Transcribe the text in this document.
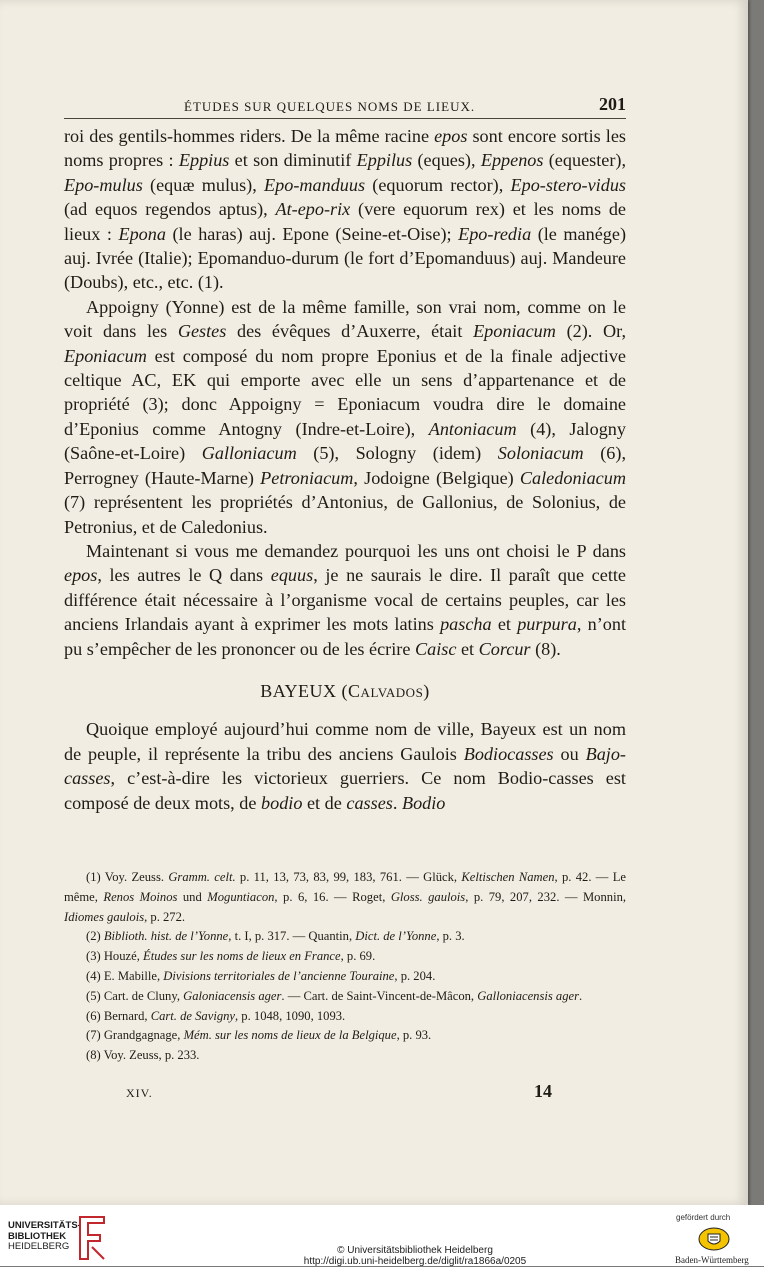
ÉTUDES SUR QUELQUES NOMS DE LIEUX.	201

roi des gentils-hommes riders. De la même racine epos sont encore sortis les noms propres : Eppius et son diminutif Eppilus (eques), Eppenos (equester), Epo-mulus (equæ mulus), Epo-manduus (equorum rector), Epo-stero-vidus (ad equos regendos aptus), At-epo-rix (vere equorum rex) et les noms de lieux : Epona (le haras) auj. Epone (Seine-et-Oise); Epo-redia (le manége) auj. Ivrée (Italie); Epomanduo-durum (le fort d’Epomanduus) auj. Mandeure (Doubs), etc., etc. (1).

Appoigny (Yonne) est de la même famille, son vrai nom, comme on le voit dans les Gestes des évêques d’Auxerre, était Eponiacum (2). Or, Eponiacum est composé du nom propre Eponius et de la finale adjective celtique AC, EK qui emporte avec elle un sens d’appartenance et de propriété (3); donc Appoigny = Eponiacum voudra dire le domaine d’Eponius comme Antogny (Indre-et-Loire), Antoniacum (4), Jalogny (Saône-et-Loire) Galloniacum (5), Sologny (idem) Soloniacum (6), Perrogney (Haute-Marne) Petroniacum, Jodoigne (Belgique) Caledoniacum (7) représentent les propriétés d’Antonius, de Gallonius, de Solonius, de Petronius, et de Caledonius.

Maintenant si vous me demandez pourquoi les uns ont choisi le P dans epos, les autres le Q dans equus, je ne saurais le dire. Il paraît que cette différence était nécessaire à l’organisme vocal de certains peuples, car les anciens Irlandais ayant à exprimer les mots latins pascha et purpura, n’ont pu s’empêcher de les prononcer ou de les écrire Caisc et Corcur (8).

BAYEUX (Calvados)

Quoique employé aujourd’hui comme nom de ville, Bayeux est un nom de peuple, il représente la tribu des anciens Gaulois Bodiocasses ou Bajo-casses, c’est-à-dire les victorieux guerriers. Ce nom Bodio-casses est composé de deux mots, de bodio et de casses. Bodio

(1) Voy. Zeuss. Gramm. celt. p. 11, 13, 73, 83, 99, 183, 761. — Glück, Keltischen Namen, p. 42. — Le même, Renos Moinos und Moguntiacon, p. 6, 16. — Roget, Gloss. gaulois, p. 79, 207, 232. — Monnin, Idiomes gaulois, p. 272.

(2) Biblioth. hist. de l’Yonne, t. I, p. 317. — Quantin, Dict. de l’Yonne, p. 3.

(3) Houzé, Études sur les noms de lieux en France, p. 69.

(4) E. Mabille, Divisions territoriales de l’ancienne Touraine, p. 204.

(5) Cart. de Cluny, Galoniacensis ager. — Cart. de Saint-Vincent-de-Mâcon, Galloniacensis ager.

(6) Bernard, Cart. de Savigny, p. 1048, 1090, 1093.

(7) Grandgagnage, Mém. sur les noms de lieux de la Belgique, p. 93.

(8) Voy. Zeuss, p. 233.

XIV.	14
UNIVERSITÄTS-
BIBLIOTHEK
HEIDELBERG	© Universitätsbibliothek Heidelberg
http://digi.ub.uni-heidelberg.de/diglit/ra1866a/0205
gefördert durch
Baden-Württemberg
